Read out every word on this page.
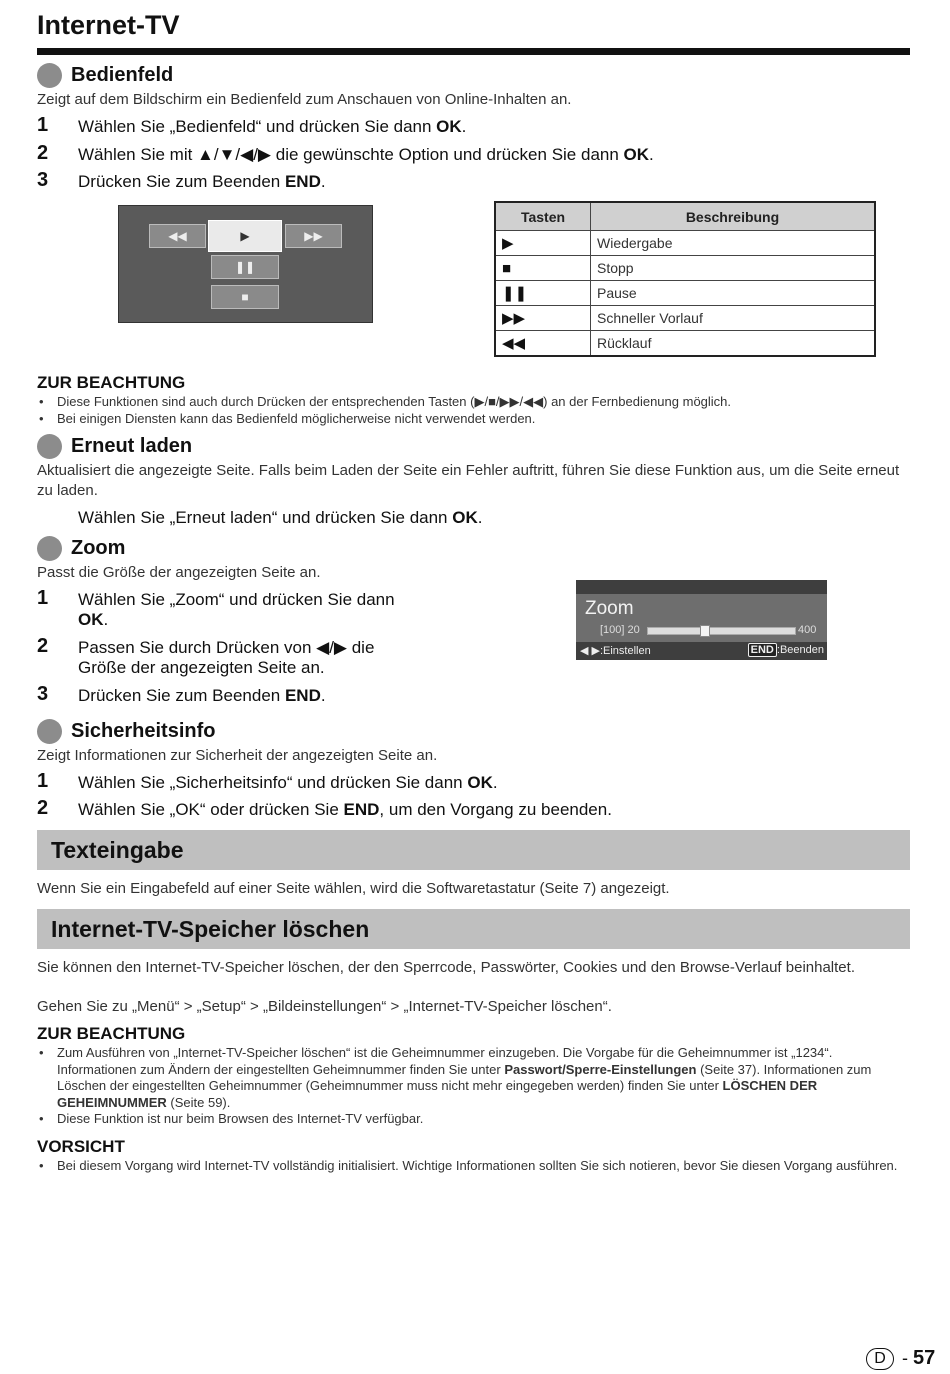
Internet-TV
Bedienfeld
Zeigt auf dem Bildschirm ein Bedienfeld zum Anschauen von Online-Inhalten an.
1 Wählen Sie „Bedienfeld“ und drücken Sie dann OK.
2 Wählen Sie mit ▲/▼/◀/▶ die gewünschte Option und drücken Sie dann OK.
3 Drücken Sie zum Beenden END.
◀◀	▶	▶▶
❚❚
■
Tasten	Beschreibung
▶	Wiedergabe
■	Stopp
❚❚	Pause
▶▶	Schneller Vorlauf
◀◀	Rücklauf
ZUR BEACHTUNG
• Diese Funktionen sind auch durch Drücken der entsprechenden Tasten (▶/■/▶▶/◀◀) an der Fernbedienung möglich.
• Bei einigen Diensten kann das Bedienfeld möglicherweise nicht verwendet werden.
Erneut laden
Aktualisiert die angezeigte Seite. Falls beim Laden der Seite ein Fehler auftritt, führen Sie diese Funktion aus, um die Seite erneut zu laden.
Wählen Sie „Erneut laden“ und drücken Sie dann OK.
Zoom
Passt die Größe der angezeigten Seite an.
1 Wählen Sie „Zoom“ und drücken Sie dann OK.
2 Passen Sie durch Drücken von ◀/▶ die Größe der angezeigten Seite an.
3 Drücken Sie zum Beenden END.
Zoom
[100] 20	400
◀ ▶:Einstellen	END :Beenden
Sicherheitsinfo
Zeigt Informationen zur Sicherheit der angezeigten Seite an.
1 Wählen Sie „Sicherheitsinfo“ und drücken Sie dann OK.
2 Wählen Sie „OK“ oder drücken Sie END, um den Vorgang zu beenden.
Texteingabe
Wenn Sie ein Eingabefeld auf einer Seite wählen, wird die Softwaretastatur (Seite 7) angezeigt.
Internet-TV-Speicher löschen
Sie können den Internet-TV-Speicher löschen, der den Sperrcode, Passwörter, Cookies und den Browse-Verlauf beinhaltet.
Gehen Sie zu „Menü“ > „Setup“ > „Bildeinstellungen“ > „Internet-TV-Speicher löschen“.
ZUR BEACHTUNG
• Zum Ausführen von „Internet-TV-Speicher löschen“ ist die Geheimnummer einzugeben. Die Vorgabe für die Geheimnummer ist „1234“. Informationen zum Ändern der eingestellten Geheimnummer finden Sie unter Passwort/Sperre-Einstellungen (Seite 37). Informationen zum Löschen der eingestellten Geheimnummer (Geheimnummer muss nicht mehr eingegeben werden) finden Sie unter LÖSCHEN DER GEHEIMNUMMER (Seite 59).
• Diese Funktion ist nur beim Browsen des Internet-TV verfügbar.
VORSICHT
• Bei diesem Vorgang wird Internet-TV vollständig initialisiert. Wichtige Informationen sollten Sie sich notieren, bevor Sie diesen Vorgang ausführen.
D - 57
